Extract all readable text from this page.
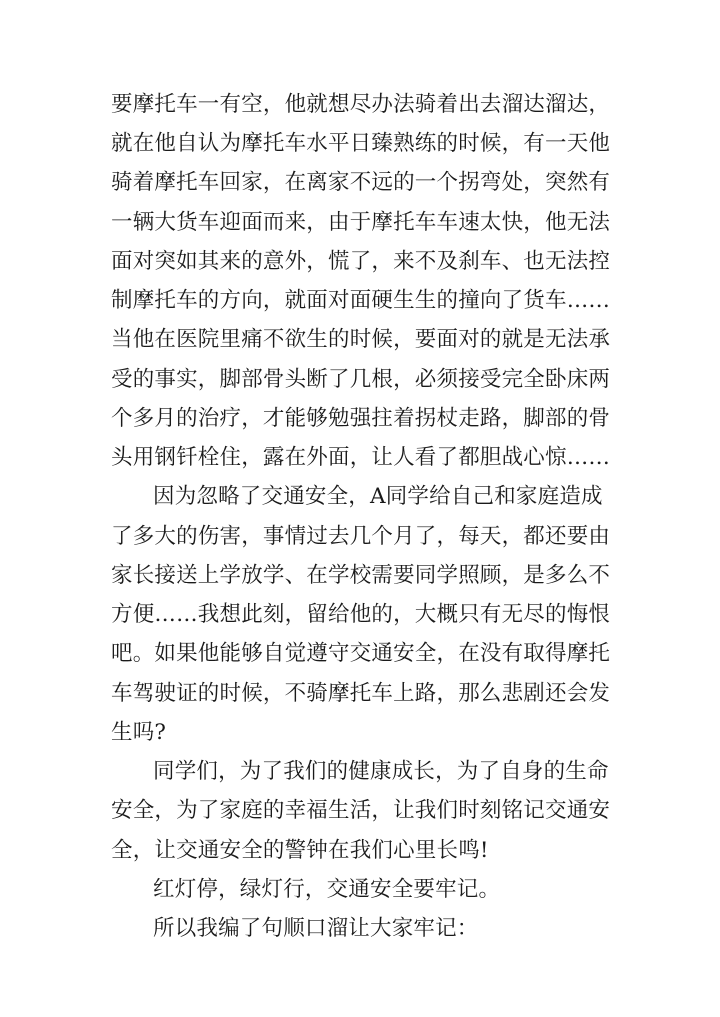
要摩托车一有空，他就想尽办法骑着出去溜达溜达，
就在他自认为摩托车水平日臻熟练的时候，有一天他
骑着摩托车回家，在离家不远的一个拐弯处，突然有
一辆大货车迎面而来，由于摩托车车速太快，他无法
面对突如其来的意外，慌了，来不及刹车、也无法控
制摩托车的方向，就面对面硬生生的撞向了货车……
当他在医院里痛不欲生的时候，要面对的就是无法承
受的事实，脚部骨头断了几根，必须接受完全卧床两
个多月的治疗，才能够勉强拄着拐杖走路，脚部的骨
头用钢钎栓住，露在外面，让人看了都胆战心惊……
因为忽略了交通安全，A同学给自己和家庭造成
了多大的伤害，事情过去几个月了，每天，都还要由
家长接送上学放学、在学校需要同学照顾，是多么不
方便……我想此刻，留给他的，大概只有无尽的悔恨
吧。如果他能够自觉遵守交通安全，在没有取得摩托
车驾驶证的时候，不骑摩托车上路，那么悲剧还会发
生吗?
同学们，为了我们的健康成长，为了自身的生命
安全，为了家庭的幸福生活，让我们时刻铭记交通安
全，让交通安全的警钟在我们心里长鸣!
红灯停，绿灯行，交通安全要牢记。
所以我编了句顺口溜让大家牢记：
